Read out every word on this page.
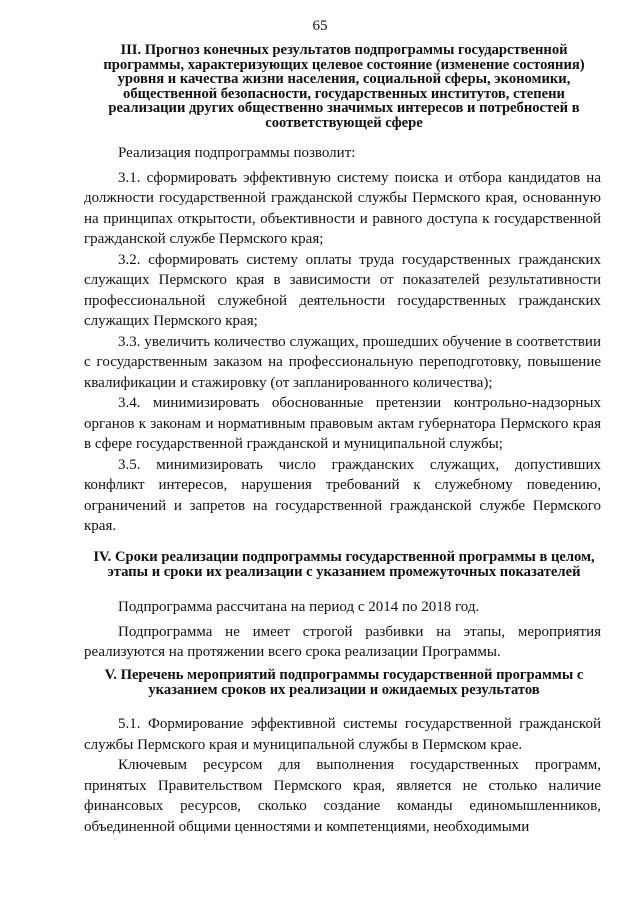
65
III. Прогноз конечных результатов подпрограммы государственной программы, характеризующих целевое состояние (изменение состояния) уровня и качества жизни населения, социальной сферы, экономики, общественной безопасности, государственных институтов, степени реализации других общественно значимых интересов и потребностей в соответствующей сфере

Реализация подпрограммы позволит:

3.1. сформировать эффективную систему поиска и отбора кандидатов на должности государственной гражданской службы Пермского края, основанную на принципах открытости, объективности и равного доступа к государственной гражданской службе Пермского края;

3.2. сформировать систему оплаты труда государственных гражданских служащих Пермского края в зависимости от показателей результативности профессиональной служебной деятельности государственных гражданских служащих Пермского края;

3.3. увеличить количество служащих, прошедших обучение в соответствии с государственным заказом на профессиональную переподготовку, повышение квалификации и стажировку (от запланированного количества);

3.4. минимизировать обоснованные претензии контрольно-надзорных органов к законам и нормативным правовым актам губернатора Пермского края в сфере государственной гражданской и муниципальной службы;

3.5. минимизировать число гражданских служащих, допустивших конфликт интересов, нарушения требований к служебному поведению, ограничений и запретов на государственной гражданской службе Пермского края.

IV. Сроки реализации подпрограммы государственной программы в целом, этапы и сроки их реализации с указанием промежуточных показателей

Подпрограмма рассчитана на период с 2014 по 2018 год.

Подпрограмма не имеет строгой разбивки на этапы, мероприятия реализуются на протяжении всего срока реализации Программы.

V. Перечень мероприятий подпрограммы государственной программы с указанием сроков их реализации и ожидаемых результатов

5.1. Формирование эффективной системы государственной гражданской службы Пермского края и муниципальной службы в Пермском крае.

Ключевым ресурсом для выполнения государственных программ, принятых Правительством Пермского края, является не столько наличие финансовых ресурсов, сколько создание команды единомышленников, объединенной общими ценностями и компетенциями, необходимыми
